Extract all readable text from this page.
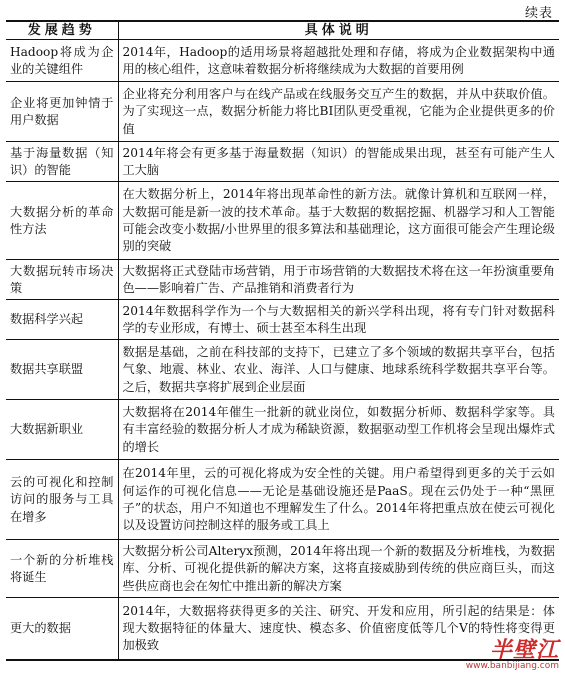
续表
发展趋势	具体说明
Hadoop将成为企业的关键组件	2014年，Hadoop的适用场景将超越批处理和存储，将成为企业数据架构中通用的核心组件，这意味着数据分析将继续成为大数据的首要用例
企业将更加钟情于用户数据	企业将充分利用客户与在线产品或在线服务交互产生的数据，并从中获取价值。为了实现这一点，数据分析能力将比BI团队更受重视，它能为企业提供更多的价值
基于海量数据（知识）的智能	2014年将会有更多基于海量数据（知识）的智能成果出现，甚至有可能产生人工大脑
大数据分析的革命性方法	在大数据分析上，2014年将出现革命性的新方法。就像计算机和互联网一样，大数据可能是新一波的技术革命。基于大数据的数据挖掘、机器学习和人工智能可能会改变小数据/小世界里的很多算法和基础理论，这方面很可能会产生理论级别的突破
大数据玩转市场决策	大数据将正式登陆市场营销，用于市场营销的大数据技术将在这一年扮演重要角色——影响着广告、产品推销和消费者行为
数据科学兴起	2014年数据科学作为一个与大数据相关的新兴学科出现，将有专门针对数据科学的专业形成，有博士、硕士甚至本科生出现
数据共享联盟	数据是基础，之前在科技部的支持下，已建立了多个领域的数据共享平台，包括气象、地震、林业、农业、海洋、人口与健康、地球系统科学数据共享平台等。之后，数据共享将扩展到企业层面
大数据新职业	大数据将在2014年催生一批新的就业岗位，如数据分析师、数据科学家等。具有丰富经验的数据分析人才成为稀缺资源，数据驱动型工作机将会呈现出爆炸式的增长
云的可视化和控制访问的服务与工具在增多	在2014年里，云的可视化将成为安全性的关键。用户希望得到更多的关于云如何运作的可视化信息——无论是基础设施还是PaaS。现在云仍处于一种“黑匣子”的状态，用户不知道也不理解发生了什么。2014年将把重点放在使云可视化以及设置访问控制这样的服务或工具上
一个新的分析堆栈将诞生	大数据分析公司Alteryx预测，2014年将出现一个新的数据及分析堆栈，为数据库、分析、可视化提供新的解决方案，这将直接威胁到传统的供应商巨头，而这些供应商也会在匆忙中推出新的解决方案
更大的数据	2014年，大数据将获得更多的关注、研究、开发和应用，所引起的结果是：体现大数据特征的体量大、速度快、模态多、价值密度低等几个V的特性将变得更加极致	半壁江
www.banbijiang.com
